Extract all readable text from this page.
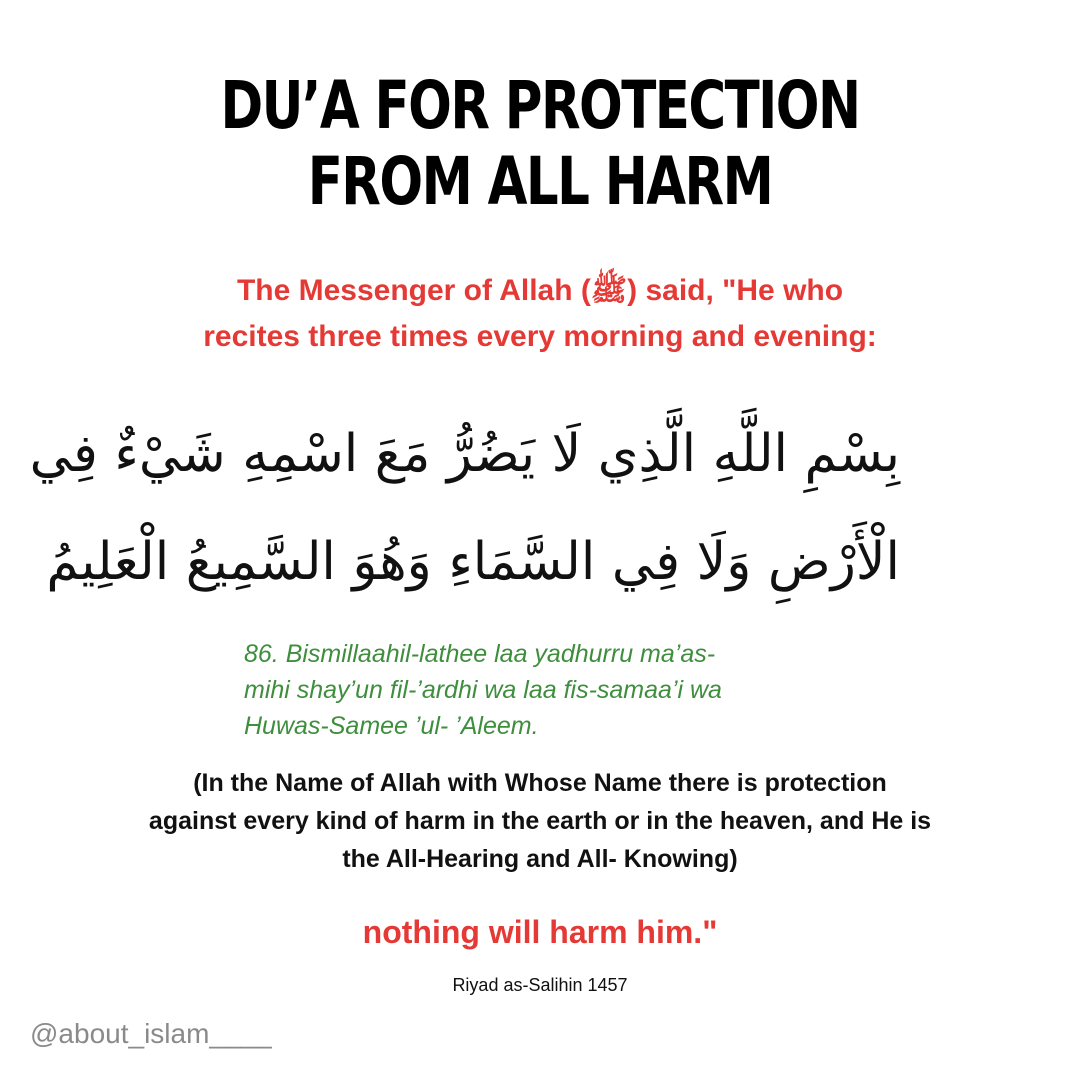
DU’A FOR PROTECTION
FROM ALL HARM
The Messenger of Allah (ﷺ) said, "He who
recites three times every morning and evening:
بِسْمِ اللَّهِ الَّذِي لَا يَضُرُّ مَعَ اسْمِهِ شَيْءٌ فِي
الْأَرْضِ وَلَا فِي السَّمَاءِ وَهُوَ السَّمِيعُ الْعَلِيمُ
86. Bismillaahil-lathee laa yadhurru ma’as-
mihi shay’un fil-’ardhi wa laa fis-samaa’i wa
Huwas-Samee ’ul- ’Aleem.
(In the Name of Allah with Whose Name there is protection
against every kind of harm in the earth or in the heaven, and He is
the All-Hearing and All- Knowing)
nothing will harm him."
Riyad as-Salihin 1457
@about_islam____
